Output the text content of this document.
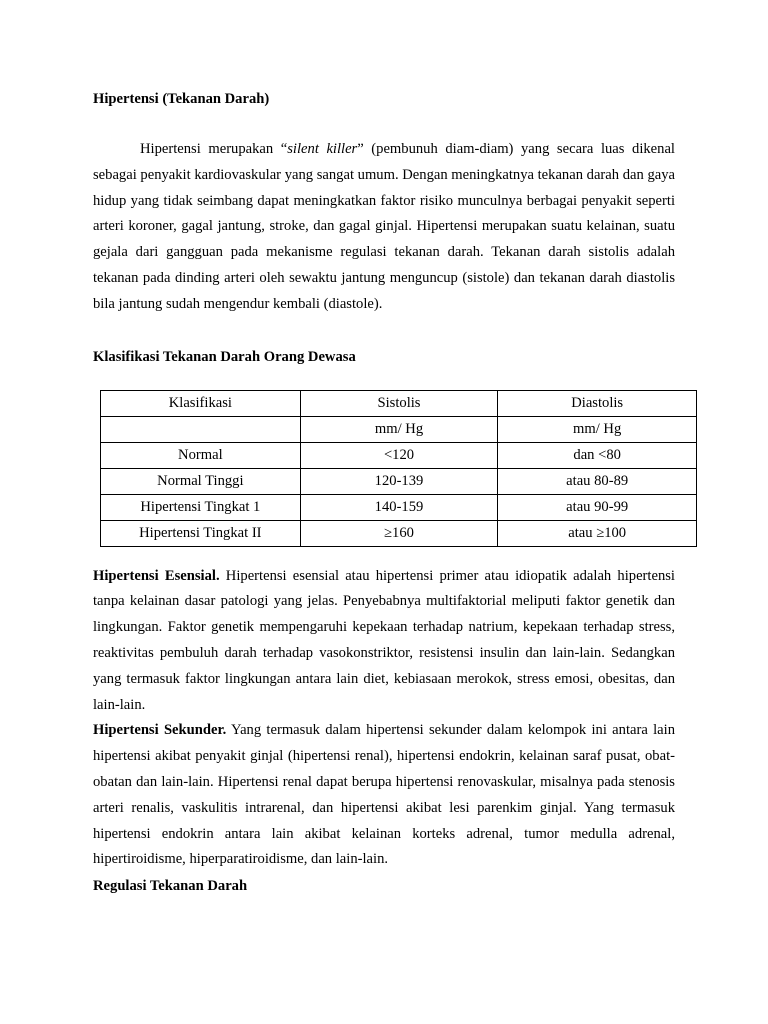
Hipertensi (Tekanan Darah)

Hipertensi merupakan “silent killer” (pembunuh diam-diam) yang secara luas dikenal sebagai penyakit kardiovaskular yang sangat umum. Dengan meningkatnya tekanan darah dan gaya hidup yang tidak seimbang dapat meningkatkan faktor risiko munculnya berbagai penyakit seperti arteri koroner, gagal jantung, stroke, dan gagal ginjal. Hipertensi merupakan suatu kelainan, suatu gejala dari gangguan pada mekanisme regulasi tekanan darah. Tekanan darah sistolis adalah tekanan pada dinding arteri oleh sewaktu jantung menguncup (sistole) dan tekanan darah diastolis bila jantung sudah mengendur kembali (diastole).

Klasifikasi Tekanan Darah Orang Dewasa
Klasifikasi	Sistolis	Diastolis
	mm/ Hg	mm/ Hg
Normal	<120	dan <80
Normal Tinggi	120-139	atau 80-89
Hipertensi Tingkat 1	140-159	atau 90-99
Hipertensi Tingkat II	≥160	atau ≥100

Hipertensi Esensial. Hipertensi esensial atau hipertensi primer atau idiopatik adalah hipertensi tanpa kelainan dasar patologi yang jelas. Penyebabnya multifaktorial meliputi faktor genetik dan lingkungan. Faktor genetik mempengaruhi kepekaan terhadap natrium, kepekaan terhadap stress, reaktivitas pembuluh darah terhadap vasokonstriktor, resistensi insulin dan lain-lain. Sedangkan yang termasuk faktor lingkungan antara lain diet, kebiasaan merokok, stress emosi, obesitas, dan lain-lain.

Hipertensi Sekunder. Yang termasuk dalam hipertensi sekunder dalam kelompok ini antara lain hipertensi akibat penyakit ginjal (hipertensi renal), hipertensi endokrin, kelainan saraf pusat, obat-obatan dan lain-lain. Hipertensi renal dapat berupa hipertensi renovaskular, misalnya pada stenosis arteri renalis, vaskulitis intrarenal, dan hipertensi akibat lesi parenkim ginjal. Yang termasuk hipertensi endokrin antara lain akibat kelainan korteks adrenal, tumor medulla adrenal, hipertiroidisme, hiperparatiroidisme, dan lain-lain.

Regulasi Tekanan Darah
